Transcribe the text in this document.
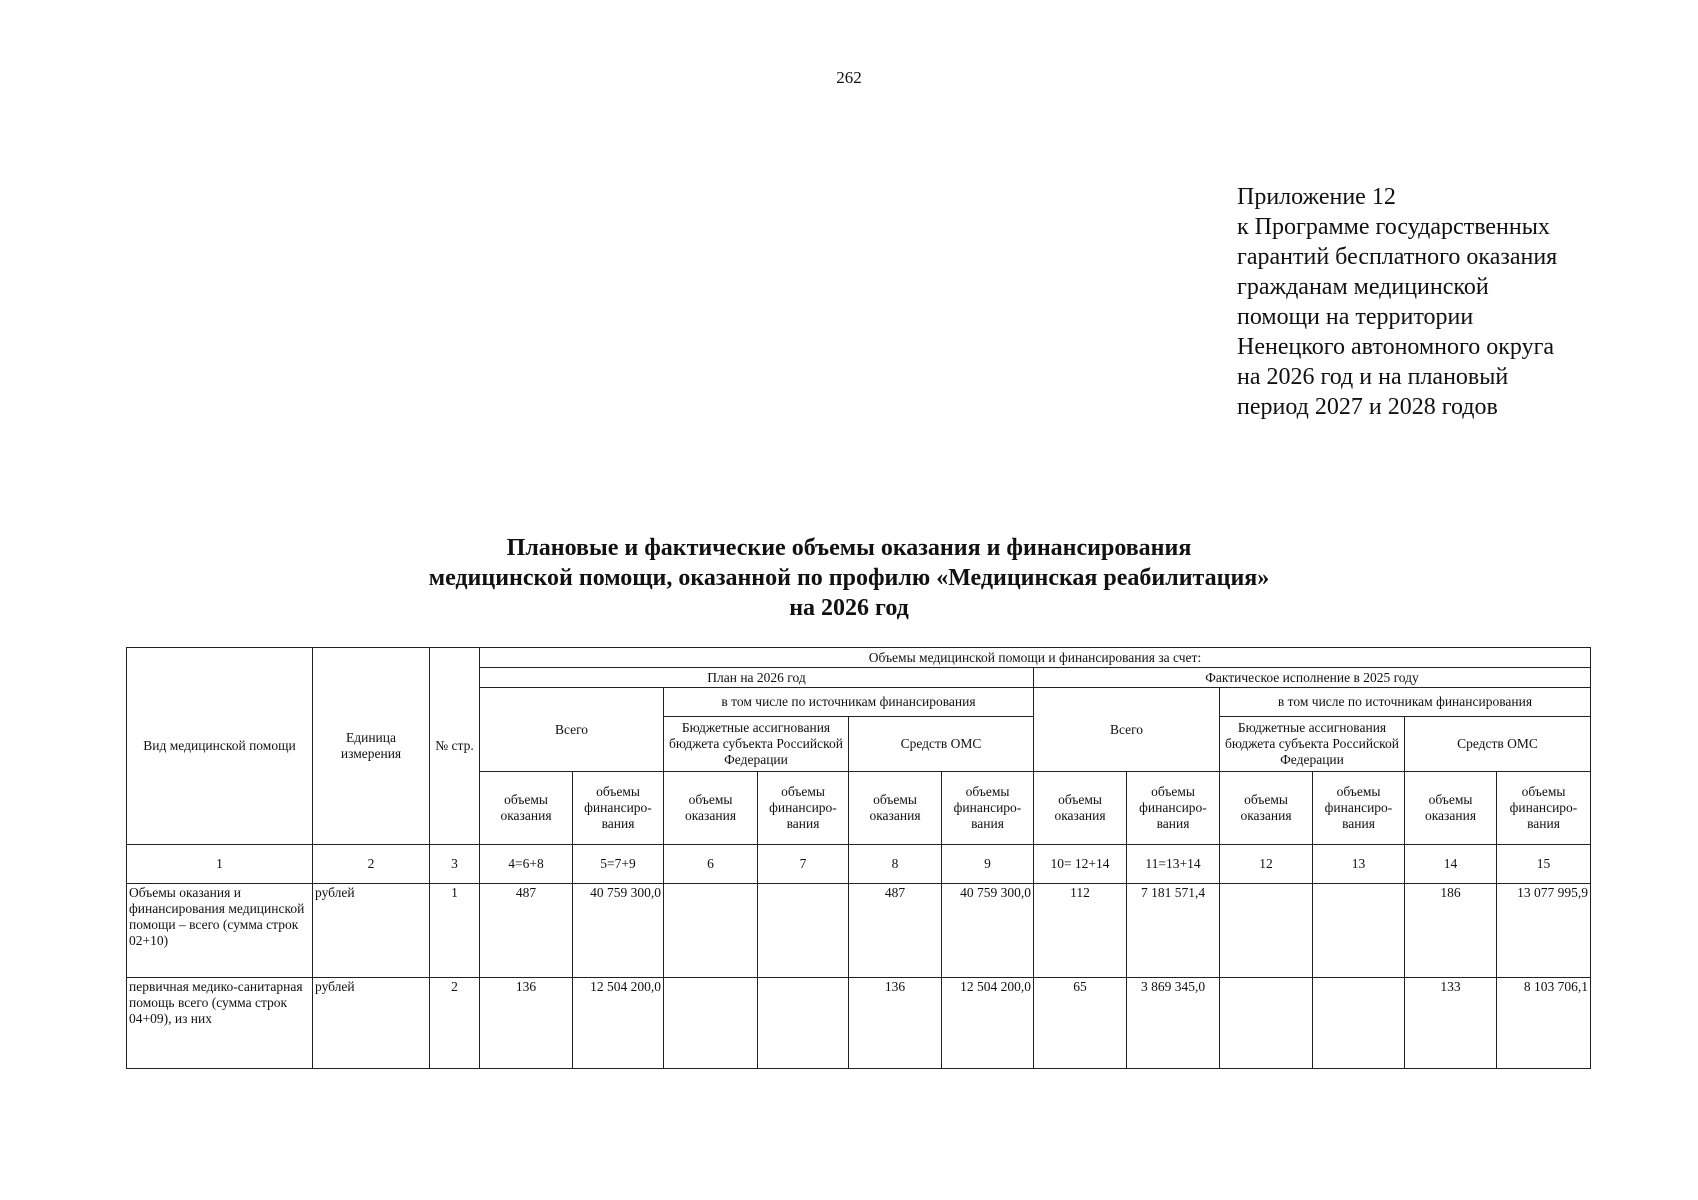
262
Приложение 12
к Программе государственных
гарантий бесплатного оказания
гражданам медицинской
помощи на территории
Ненецкого автономного округа
на 2026 год и на плановый
период 2027 и 2028 годов
Плановые и фактические объемы оказания и финансирования
медицинской помощи, оказанной по профилю «Медицинская реабилитация»
на 2026 год
Вид медицинской помощи	Единица измерения	№ стр.	Объемы медицинской помощи и финансирования за счет:											
			План на 2026 год						Фактическое исполнение в 2025 году					
			Всего		в том числе по источникам финансирования				Всего		в том числе по источникам финансирования			
					Бюджетные ассигнования бюджета субъекта Российской Федерации		Средств ОМС				Бюджетные ассигнования бюджета субъекта Российской Федерации		Средств ОМС	
			объемы оказания	объемы финансиро-вания	объемы оказания	объемы финансиро-вания	объемы оказания	объемы финансиро-вания	объемы оказания	объемы финансиро-вания	объемы оказания	объемы финансиро-вания	объемы оказания	объемы финансиро-вания
1	2	3	4=6+8	5=7+9	6	7	8	9	10= 12+14	11=13+14	12	13	14	15
Объемы оказания и финансирования медицинской помощи – всего (сумма строк 02+10)	рублей	1	487	40 759 300,0			487	40 759 300,0	112	7 181 571,4			186	13 077 995,9
первичная медико-санитарная помощь всего (сумма строк 04+09), из них	рублей	2	136	12 504 200,0			136	12 504 200,0	65	3 869 345,0			133	8 103 706,1
